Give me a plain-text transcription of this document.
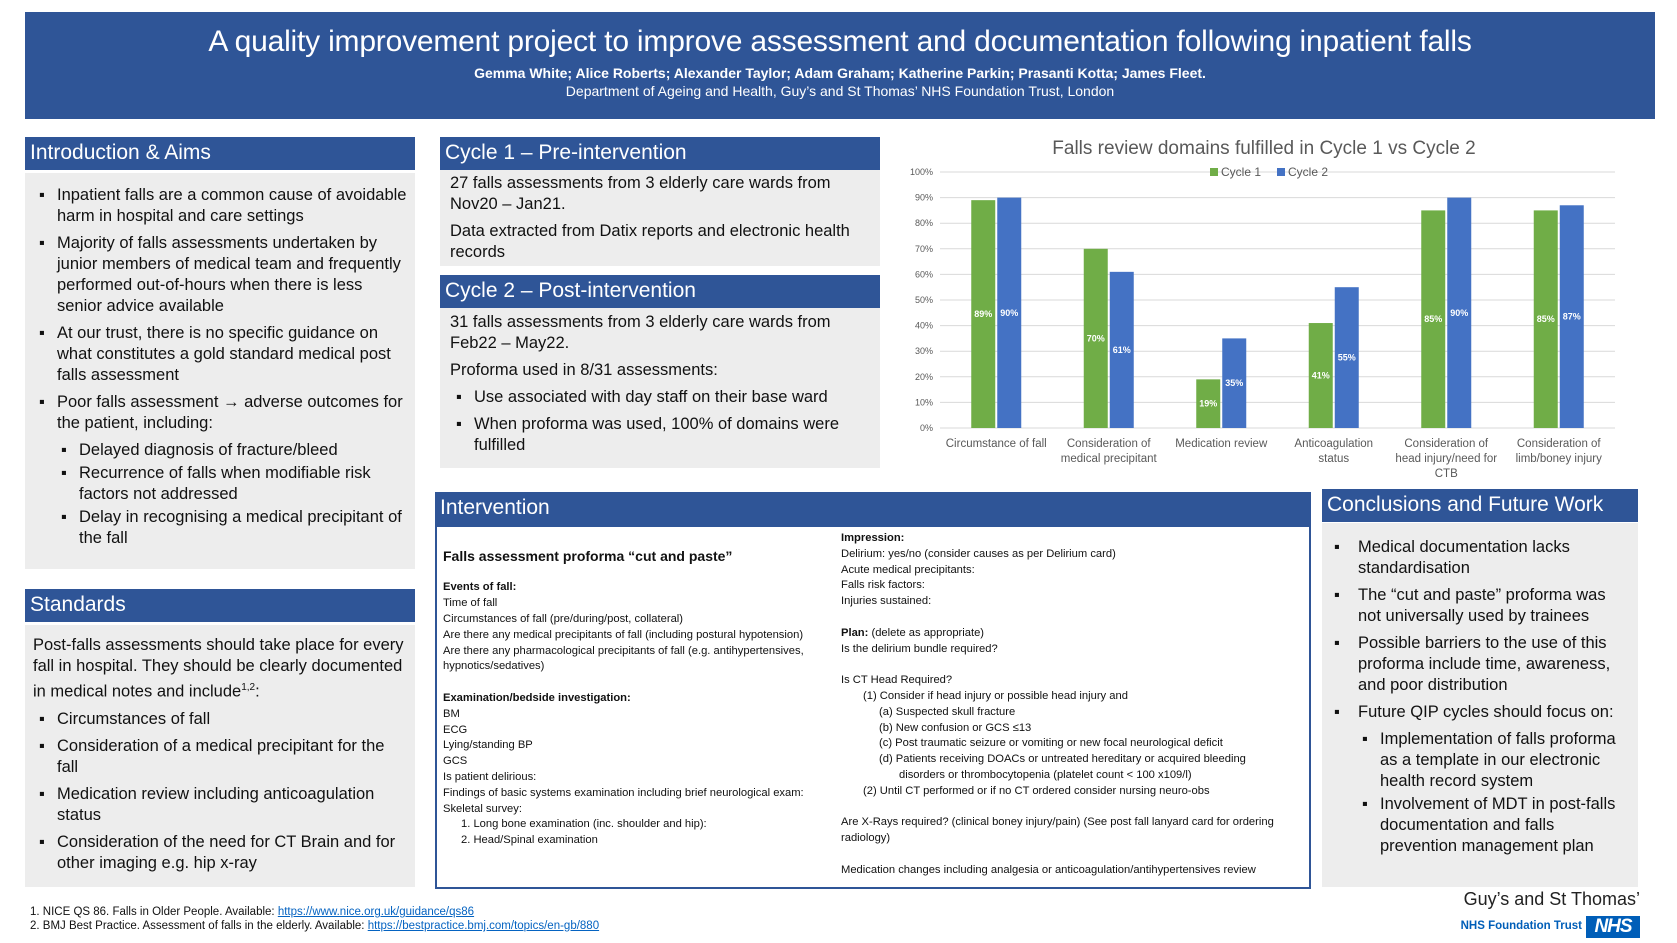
A quality improvement project to improve assessment and documentation following inpatient falls
Gemma White; Alice Roberts; Alexander Taylor; Adam Graham; Katherine Parkin; Prasanti Kotta; James Fleet.
Department of Ageing and Health, Guy’s and St Thomas’ NHS Foundation Trust, London
Introduction & Aims
▪ Inpatient falls are a common cause of avoidable harm in hospital and care settings
▪ Majority of falls assessments undertaken by junior members of medical team and frequently performed out-of-hours when there is less senior advice available
▪ At our trust, there is no specific guidance on what constitutes a gold standard medical post falls assessment
▪ Poor falls assessment → adverse outcomes for the patient, including:
▪ Delayed diagnosis of fracture/bleed
▪ Recurrence of falls when modifiable risk factors not addressed
▪ Delay in recognising a medical precipitant of the fall
Standards

Post-falls assessments should take place for every fall in hospital. They should be clearly documented in medical notes and include$^{1,2}$:

▪ Circumstances of fall
▪ Consideration of a medical precipitant for the fall
▪ Medication review including anticoagulation status
▪ Consideration of the need for CT Brain and for other imaging e.g. hip x-ray
Cycle 1 – Pre-intervention

27 falls assessments from 3 elderly care wards from Nov20 – Jan21.

Data extracted from Datix reports and electronic health records

Cycle 2 – Post-intervention

31 falls assessments from 3 elderly care wards from Feb22 – May22.

Proforma used in 8/31 assessments:

▪ Use associated with day staff on their base ward
▪ When proforma was used, 100% of domains were fulfilled
Falls review domains fulfilled in Cycle 1 vs Cycle 2
0%
10%
20%
30%
40%
50%
60%
70%
80%
90%
100%
89% 90%
Circumstance of fall
70%
61%
Consideration of
medical precipitant
19%
35%
Medication review
41%
55%
Anticoagulation
status
85%
90%
Consideration of
head injury/need for
CTB
85% 87%
Consideration of
limb/boney injury
Cycle 1 Cycle 2
Intervention
Falls assessment proforma “cut and paste”
Events of fall:
Time of fall
Circumstances of fall (pre/during/post, collateral)
Are there any medical precipitants of fall (including postural hypotension)
Are there any pharmacological precipitants of fall (e.g. antihypertensives,
hypnotics/sedatives)
Examination/bedside investigation:
BM
ECG
Lying/standing BP
GCS
Is patient delirious:
Findings of basic systems examination including brief neurological exam:
Skeletal survey:
1. Long bone examination (inc. shoulder and hip):
2. Head/Spinal examination
Impression:
Delirium: yes/no (consider causes as per Delirium card)
Acute medical precipitants:
Falls risk factors:
Injuries sustained:
Plan: (delete as appropriate)
Is the delirium bundle required?
Is CT Head Required?
(1) Consider if head injury or possible head injury and
(a) Suspected skull fracture
(b) New confusion or GCS ≤13
(c) Post traumatic seizure or vomiting or new focal neurological deficit
(d) Patients receiving DOACs or untreated hereditary or acquired bleeding
disorders or thrombocytopenia (platelet count < 100 x109/l)
(2) Until CT performed or if no CT ordered consider nursing neuro-obs
Are X-Rays required? (clinical boney injury/pain) (See post fall lanyard card for ordering
radiology)
Medication changes including analgesia or anticoagulation/antihypertensives review
Conclusions and Future Work
▪ Medical documentation lacks standardisation
▪ The “cut and paste” proforma was not universally used by trainees
▪ Possible barriers to the use of this proforma include time, awareness, and poor distribution
▪ Future QIP cycles should focus on:
▪ Implementation of falls proforma as a template in our electronic health record system
▪ Involvement of MDT in post-falls documentation and falls prevention management plan
1. NICE QS 86. Falls in Older People. Available: https://www.nice.org.uk/guidance/qs86
2. BMJ Best Practice. Assessment of falls in the elderly. Available: https://bestpractice.bmj.com/topics/en-gb/880
Guy’s and St Thomas’
NHS Foundation Trust NHS
